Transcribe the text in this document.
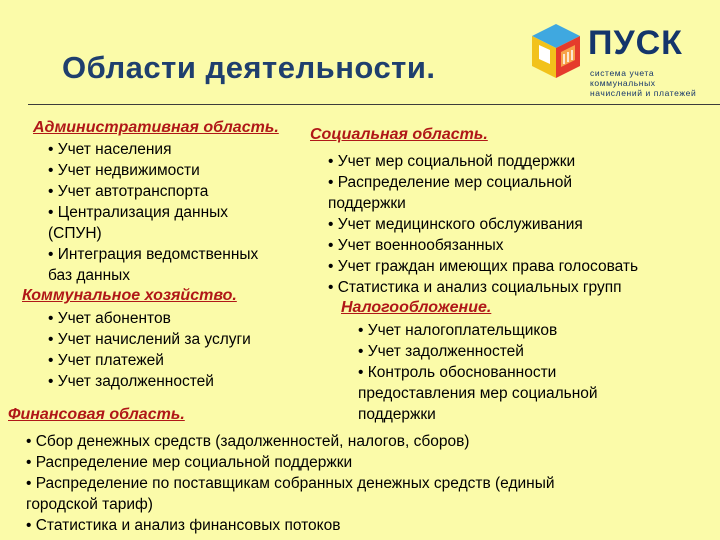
Области деятельности.
ПУСК
система учета коммунальных
начислений и платежей

Административная область.

• Учет населения
• Учет недвижимости
• Учет автотранспорта
• Централизация данных
(СПУН)
• Интеграция ведомственных
баз данных

Коммунальное хозяйство.

• Учет абонентов
• Учет начислений за услуги
• Учет платежей
• Учет задолженностей

Социальная область.

• Учет мер социальной поддержки
• Распределение мер социальной
поддержки
• Учет медицинского обслуживания
• Учет военнообязанных
• Учет граждан имеющих права голосовать
• Статистика и анализ социальных групп

Налогообложение.

• Учет налогоплательщиков
• Учет задолженностей
• Контроль обоснованности
предоставления мер социальной
поддержки

Финансовая область.

• Сбор денежных средств (задолженностей, налогов, сборов)
• Распределение мер социальной поддержки
• Распределение по поставщикам собранных денежных средств (единый
городской тариф)
• Статистика и анализ финансовых потоков
